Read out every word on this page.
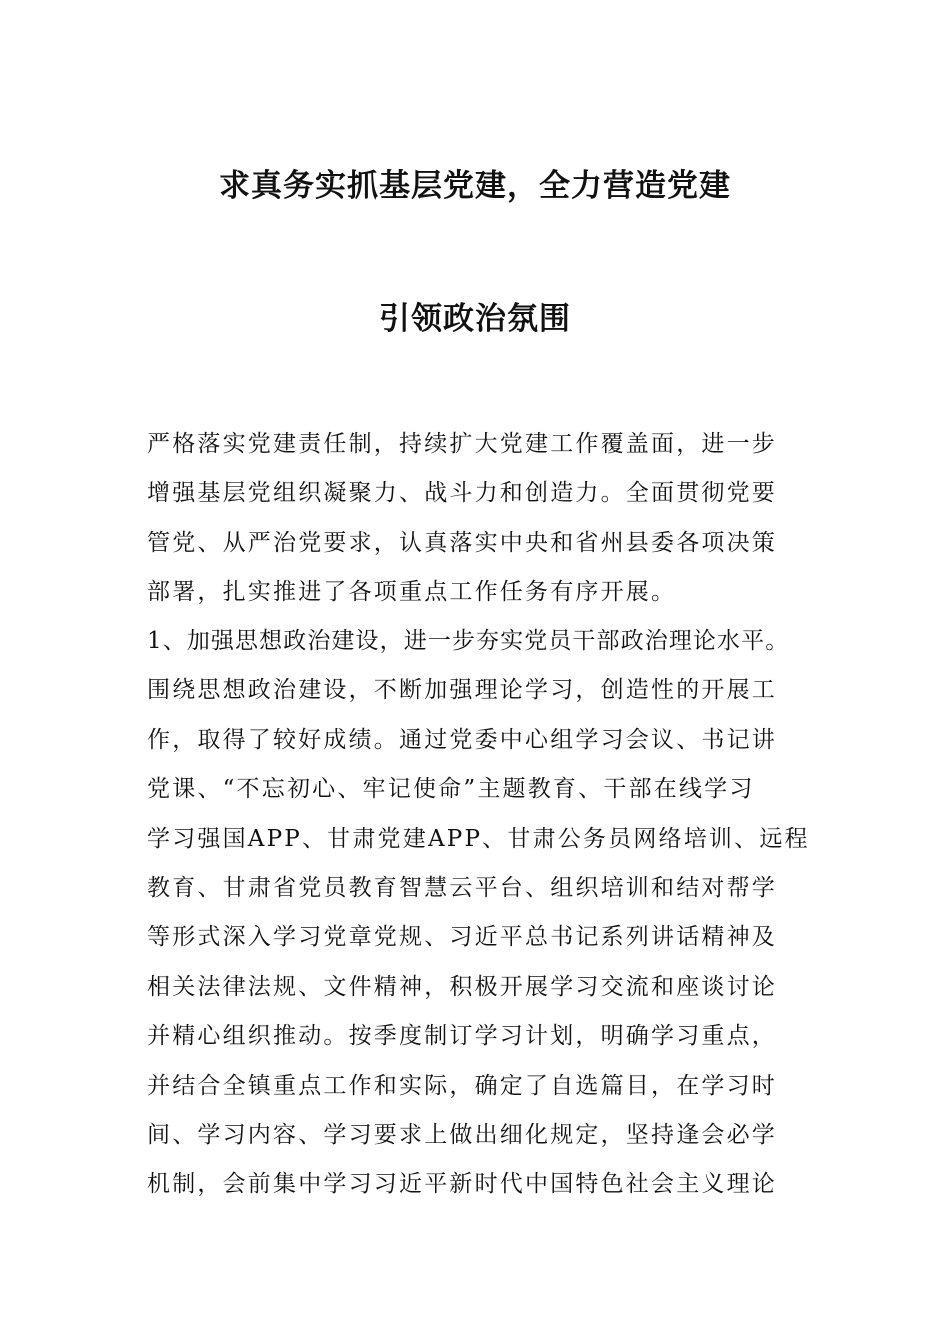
求真务实抓基层党建，全力营造党建
引领政治氛围
严格落实党建责任制，持续扩大党建工作覆盖面，进一步
增强基层党组织凝聚力、战斗力和创造力。全面贯彻党要
管党、从严治党要求，认真落实中央和省州县委各项决策
部署，扎实推进了各项重点工作任务有序开展。
1、加强思想政治建设，进一步夯实党员干部政治理论水平。
围绕思想政治建设，不断加强理论学习，创造性的开展工
作，取得了较好成绩。通过党委中心组学习会议、书记讲
党课、“不忘初心、牢记使命”主题教育、干部在线学习
学习强国APP、甘肃党建APP、甘肃公务员网络培训、远程
教育、甘肃省党员教育智慧云平台、组织培训和结对帮学
等形式深入学习党章党规、习近平总书记系列讲话精神及
相关法律法规、文件精神，积极开展学习交流和座谈讨论
并精心组织推动。按季度制订学习计划，明确学习重点，
并结合全镇重点工作和实际，确定了自选篇目，在学习时
间、学习内容、学习要求上做出细化规定，坚持逢会必学
机制，会前集中学习习近平新时代中国特色社会主义理论
